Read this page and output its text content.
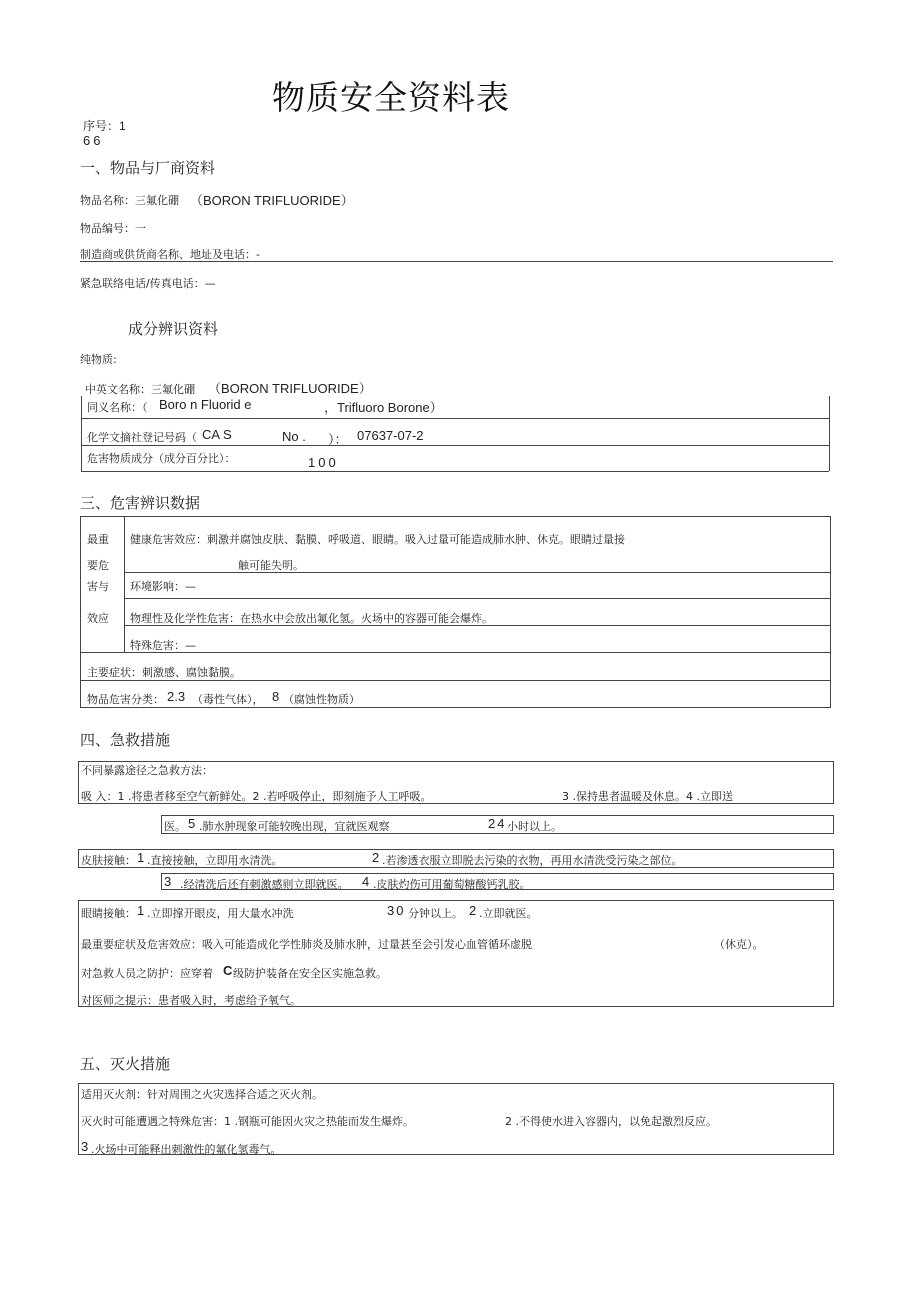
物质安全资料表
序号：1
66
一、物品与厂商资料
物品名称：三氟化硼 （BORON TRIFLUORIDE）
物品编号：一
制造商或供货商名称、地址及电话：-
紧急联络电话/传真电话：—
成分辨识资料
纯物质:
中英文名称：三氟化硼 （BORON TRIFLUORIDE）
同义名称：（ Boro n Fluorid e	，Trifluoro Borone）
化学文摘社登记号码（ CA S	No . ）： 07637-07-2
危害物质成分（成分百分比）：	100
三、危害辨识数据
最重
要危
害与
效应
健康危害效应：刺激并腐蚀皮肤、黏膜、呼吸道、眼睛。吸入过量可能造成肺水肿、休克。眼睛过量接
触可能失明。
环境影响：—
物理性及化学性危害：在热水中会放出氟化氢。火场中的容器可能会爆炸。
特殊危害：—
主要症状：刺激感、腐蚀黏膜。
物品危害分类： 2.3 （毒性气体）， 8 （腐蚀性物质）
四、急救措施
不同暴露途径之急救方法：
吸 入：1 .将患者移至空气新鲜处。2 .若呼吸停止，即刻施予人工呼吸。	3 .保持患者温暖及休息。4 .立即送
医。 5 .肺水肿现象可能较晚出现，宜就医观察	24 小时以上。
皮肤接触： 1 .直接接触，立即用水清洗。	2 .若渗透衣服立即脱去污染的衣物，再用水清洗受污染之部位。
3 .经清洗后还有刺激感则立即就医。 4 .皮肤灼伤可用葡萄糖酸钙乳胶。
眼睛接触： 1 .立即撑开眼皮，用大量水冲洗	30 分钟以上。 2 .立即就医。
最重要症状及危害效应：吸入可能造成化学性肺炎及肺水肿，过量甚至会引发心血管循环虚脱	（休克）。
对急救人员之防护：应穿着 C 级防护装备在安全区实施急救。
对医师之提示：患者吸入时，考虑给予氧气。
五、灭火措施
适用灭火剂：针对周围之火灾选择合适之灭火剂。
灭火时可能遭遇之特殊危害：1 .钢瓶可能因火灾之热能而发生爆炸。	2 .不得使水进入容器内，以免起激烈反应。
3 .火场中可能释出刺激性的氟化氢毒气。
